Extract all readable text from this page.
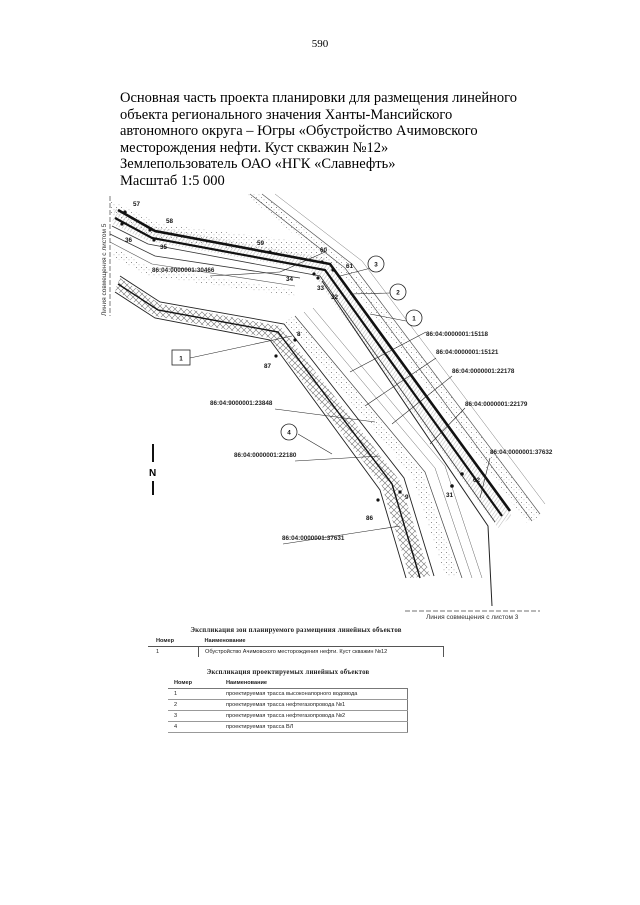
590
Основная часть проекта планировки для размещения линейного
объекта регионального значения Ханты-Мансийского
автономного округа – Югры «Обустройство Ачимовского
месторождения нефти. Куст скважин №12»
Землепользователь ОАО «НГК «Славнефть»
Масштаб 1:5 000
86:04:0000001:30466
86:04:0000001:15118
86:04:0000001:15121
86:04:0000001:22178
86:04:9000001:23848	86:04:0000001:22179
86:04:0000001:37632
86:04:0000001:22180
86:04:0000001:37631
57
58
36
35
59
60
61
34
33
32
8
87
62
31
9
86
3
2
1
4
1
N
Линия совмещения с листом 5
Линия совмещения с листом 3
Экспликация зон планируемого размещения линейных объектов
Номер	Наименование
1	Обустройство Ачимовского месторождения нефти. Куст скважин №12
Экспликация проектируемых линейных объектов
Номер	Наименование
1	проектируемая трасса высоконапорного водовода
2	проектируемая трасса нефтегазопровода №1
3	проектируемая трасса нефтегазопровода №2
4	проектируемая трасса ВЛ
